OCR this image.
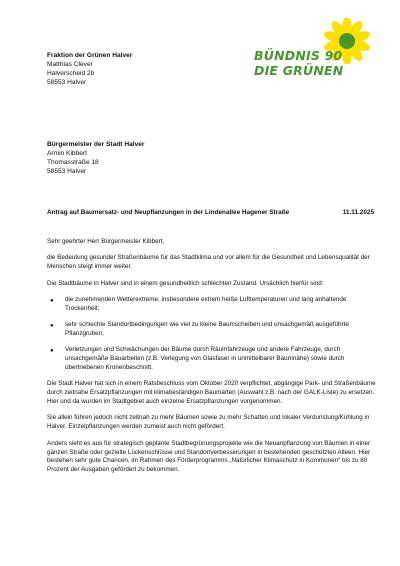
Fraktion der Grünen Halver
Matthias Clever
Halverscheid 2b
58553 Halver
BÜNDNIS 90
DIE GRÜNEN
Bürgermeister der Stadt Halver
Armin Kibbert
Thomasstraße 18
58553 Halver
Antrag auf Baumersatz- und Neupflanzungen in der Lindenallee Hagener Straße	11.11.2025

Sehr geehrter Herr Bürgermeister Kibbert,

die Bedeutung gesunder Straßenbäume für das Stadtklima und vor allem für die Gesundheit und Lebensqualität der Menschen steigt immer weiter.

Die Stadtbäume in Halver sind in einem gesundheitlich schlechten Zustand. Ursächlich hierfür sind:

● die zunehmenden Wetterextreme, insbesondere extrem heiße Lufttemperaturen und lang anhaltende Trockenheit;
● sehr schlechte Standortbedingungen wie viel zu kleine Baumscheiben und unsachgemäß ausgeführte Pflanzgruben;
● Verletzungen und Schwächungen der Bäume durch Räumfahrzeuge und andere Fahrzeuge, durch unsachgemäße Bauarbeiten (z.B. Verlegung von Glasfaser in unmittelbarer Baumnähe) sowie durch übertriebenen Kronenbeschnitt.

Die Stadt Halver hat sich in einem Ratsbeschluss vom Oktober 2020 verpflichtet, abgängige Park- und Straßenbäume durch zeitnahe Ersatzpflanzungen mit klimabeständigen Baumarten (Auswahl z.B. nach der GALK-Liste) zu ersetzen. Hier und da wurden im Stadtgebiet auch einzelne Ersatzpflanzungen vorgenommen.

Sie allein führen jedoch nicht zeitnah zu mehr Bäumen sowie zu mehr Schatten und lokaler Verdunstung/Kühlung in Halver. Einzelpflanzungen werden zumeist auch nicht gefördert.

Anders sieht es aus für strategisch geplante Stadtbegrünungsprojekte wie die Neuanpflanzung von Bäumen in einer ganzen Straße oder gezielte Lückenschlüsse und Standortverbesserungen in bestehenden geschützten Alleen. Hier bestehen sehr gute Chancen, im Rahmen des Förderprogramms „Natürlicher Klimaschutz in Kommunen“ bis zu 80 Prozent der Ausgaben gefördert zu bekommen.
